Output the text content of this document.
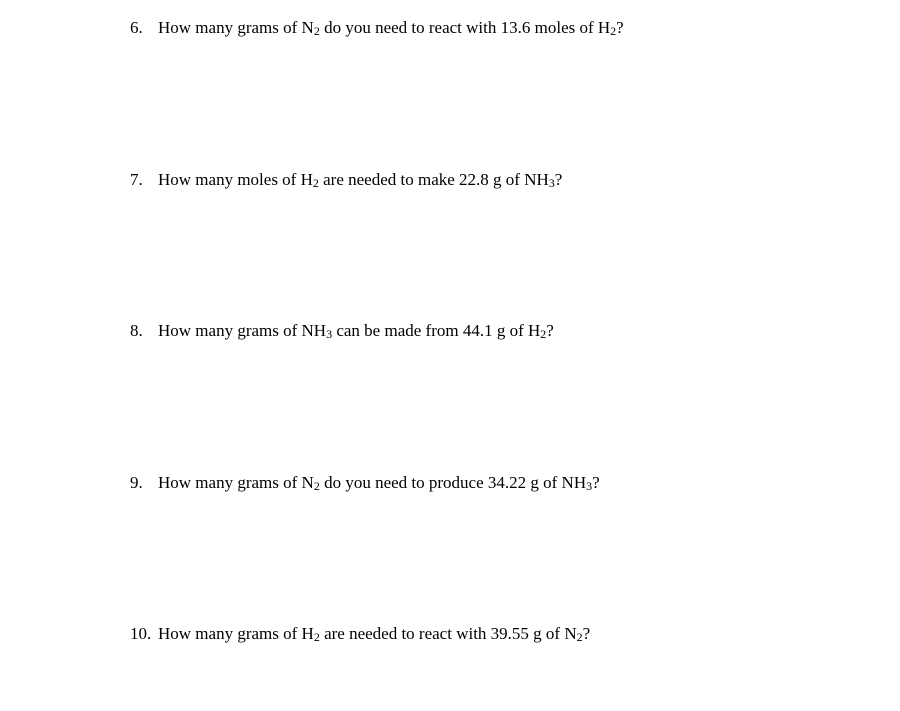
6. How many grams of $N_2$ do you need to react with 13.6 moles of $H_2$?
7. How many moles of $H_2$ are needed to make 22.8 g of $NH_3$?
8. How many grams of $NH_3$ can be made from 44.1 g of $H_2$?
9. How many grams of $N_2$ do you need to produce 34.22 g of $NH_3$?
10. How many grams of $H_2$ are needed to react with 39.55 g of $N_2$?
